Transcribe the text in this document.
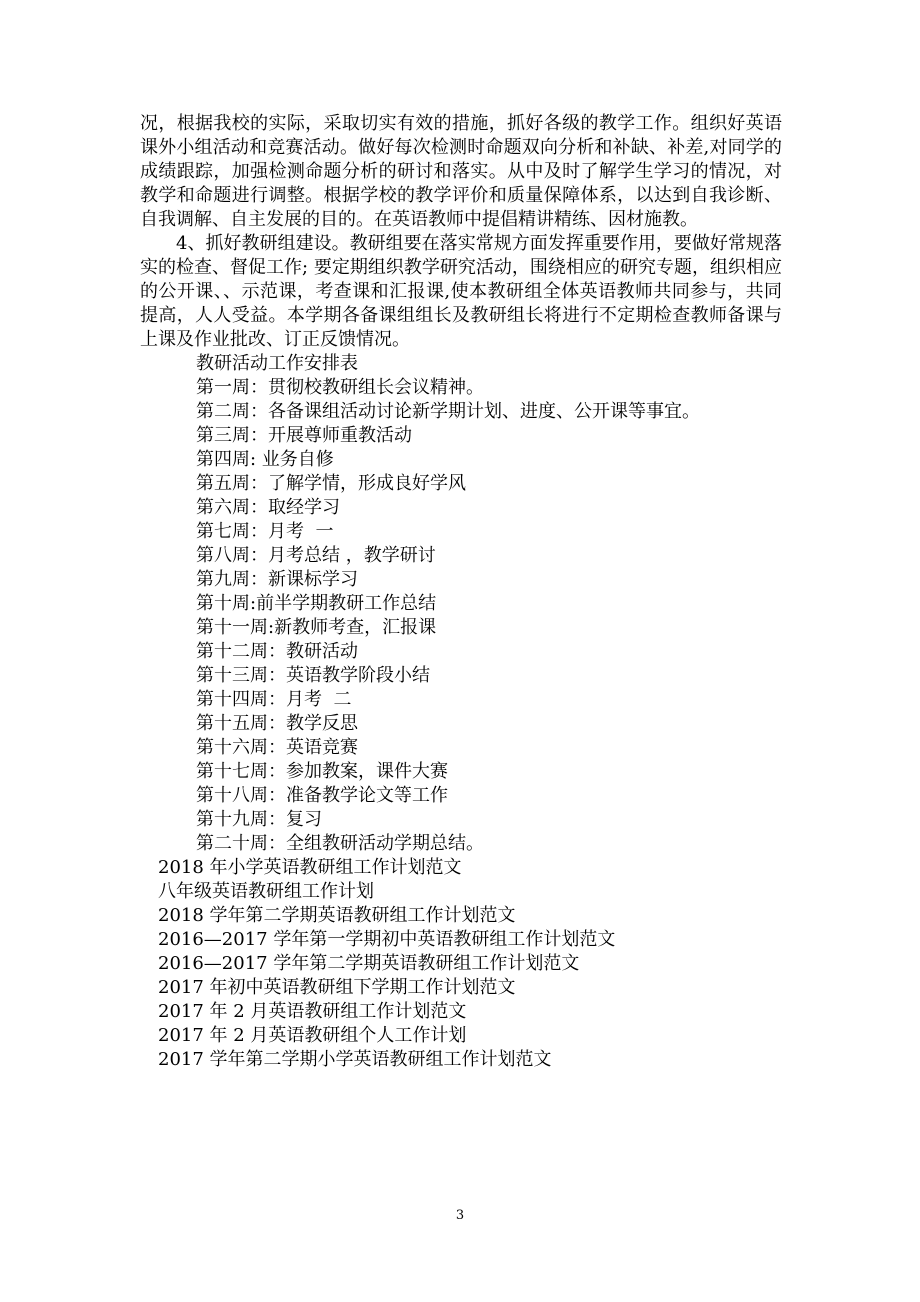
况，根据我校的实际，采取切实有效的措施，抓好各级的教学工作。组织好英语课外小组活动和竞赛活动。做好每次检测时命题双向分析和补缺、补差,对同学的成绩跟踪，加强检测命题分析的研讨和落实。从中及时了解学生学习的情况，对教学和命题进行调整。根据学校的教学评价和质量保障体系，以达到自我诊断、自我调解、自主发展的目的。在英语教师中提倡精讲精练、因材施教。

4、抓好教研组建设。教研组要在落实常规方面发挥重要作用，要做好常规落实的检查、督促工作; 要定期组织教学研究活动，围绕相应的研究专题，组织相应的公开课、、示范课，考查课和汇报课,使本教研组全体英语教师共同参与，共同提高，人人受益。本学期各备课组组长及教研组长将进行不定期检查教师备课与上课及作业批改、订正反馈情况。

教研活动工作安排表
第一周：贯彻校教研组长会议精神。
第二周：各备课组活动讨论新学期计划、进度、公开课等事宜。
第三周：开展尊师重教活动
第四周: 业务自修
第五周：了解学情，形成良好学风
第六周：取经学习
第七周：月考  一
第八周：月考总结 ，教学研讨
第九周：新课标学习
第十周:前半学期教研工作总结
第十一周:新教师考查，汇报课
第十二周：教研活动
第十三周：英语教学阶段小结
第十四周：月考  二
第十五周：教学反思
第十六周：英语竞赛
第十七周：参加教案，课件大赛
第十八周：准备教学论文等工作
第十九周：复习
第二十周：全组教研活动学期总结。
2018 年小学英语教研组工作计划范文
八年级英语教研组工作计划
2018 学年第二学期英语教研组工作计划范文
2016—2017 学年第一学期初中英语教研组工作计划范文
2016—2017 学年第二学期英语教研组工作计划范文
2017 年初中英语教研组下学期工作计划范文
2017 年 2 月英语教研组工作计划范文
2017 年 2 月英语教研组个人工作计划
2017 学年第二学期小学英语教研组工作计划范文
3
